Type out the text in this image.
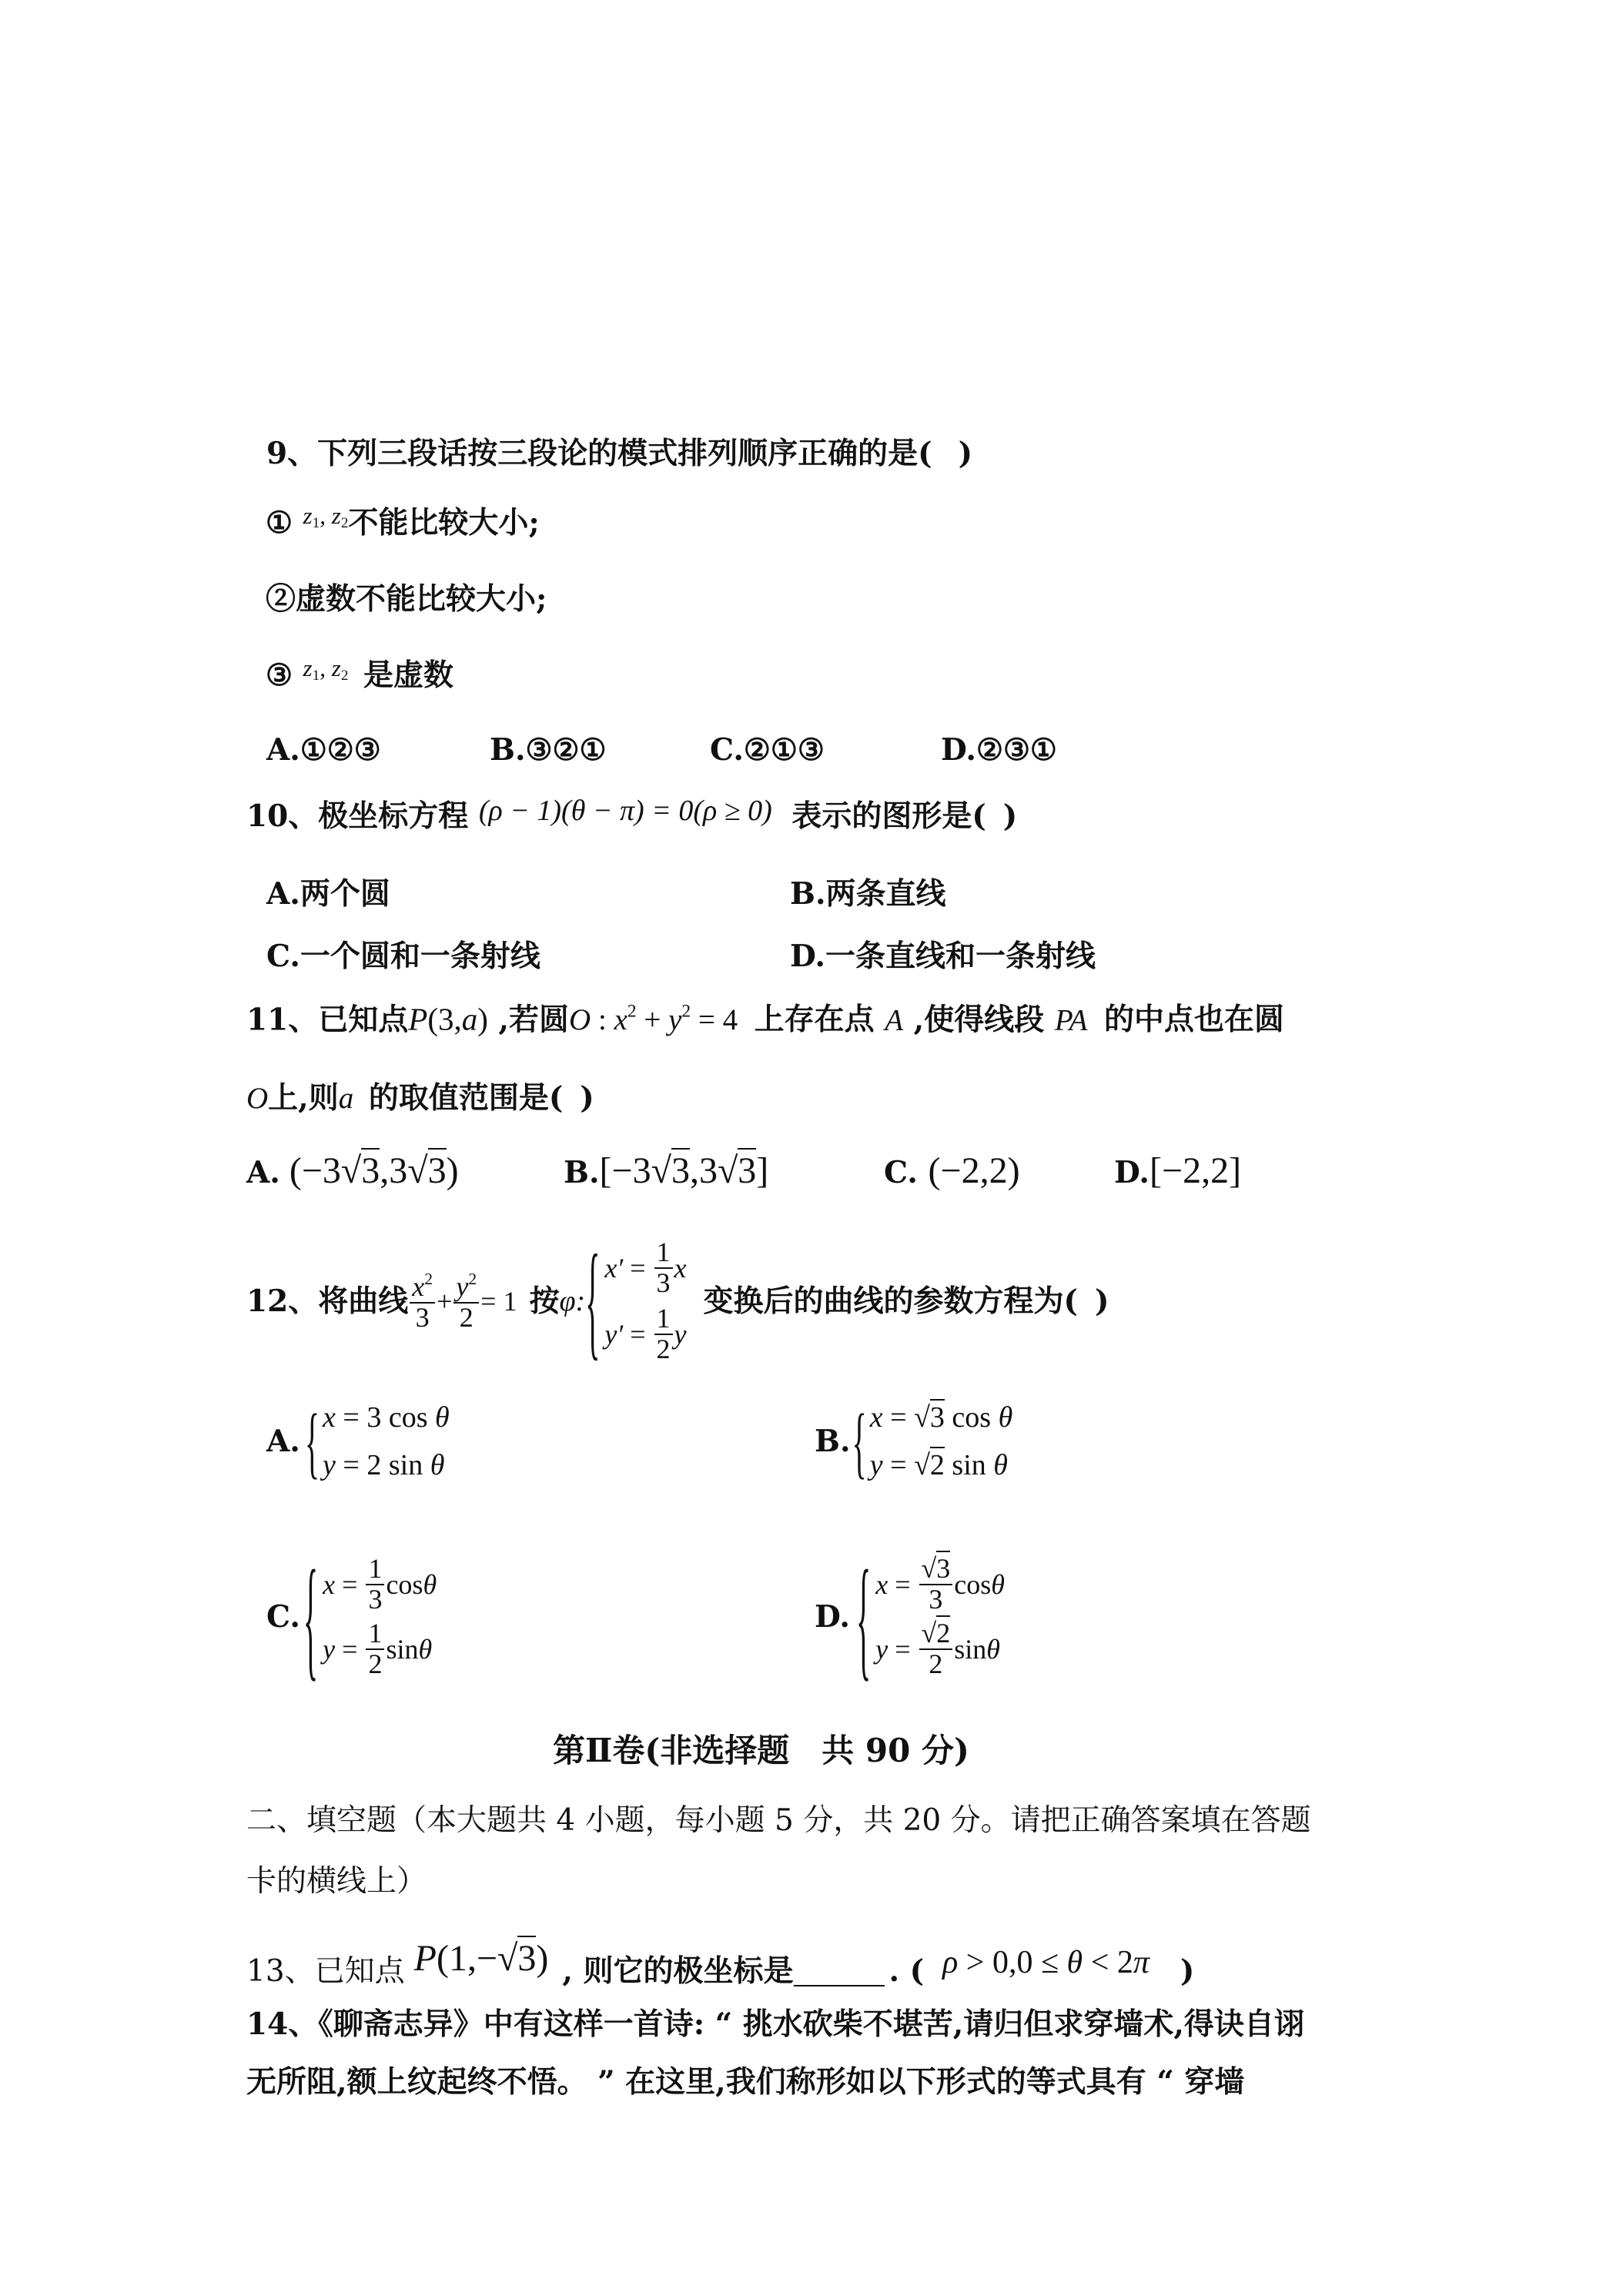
9、下列三段话按三段论的模式排列顺序正确的是( )
① $^{z_1, z_2}$不能比较大小;
②虚数不能比较大小;
③ $^{z_1, z_2}$ 是虚数
A.①②③	B.③②①	C.②①③	D.②③①
10、极坐标方程 (ρ − 1)(θ − π) = 0(ρ ≥ 0) 表示的图形是( )
A.两个圆	B.两条直线
C.一个圆和一条射线	D.一条直线和一条射线
11、已知点P(3,a) ,若圆O : $x^2 + y^2 = 4$ 上存在点 A ,使得线段 PA 的中点也在圆
O上,则a 的取值范围是( )
A. (−3√3,3√3)	B.[−3√3,3√3]	C. (−2,2)	D.[−2,2]
12、将曲线 $\frac{x^2}{3} + \frac{y^2}{2} = 1$ 按 φ: { $x' = \frac{1}{3}$ x
$y' = \frac{1}{2}$ y
变换后的曲线的参数方程为( )
A. { x = 3 cos θ
y = 2 sin θ
B. { x = √3 cos θ
y = √2 sin θ
C. { $x = \frac{1}{3}$ cos θ
$y = \frac{1}{2}$ sin θ
D. { $x = \frac{√3}{3}$ cos θ
$y = \frac{√2}{2}$ sin θ
第Ⅱ卷(非选择题　共 90 分)
二、填空题（本大题共 4 小题，每小题 5 分，共 20 分。请把正确答案填在答题
卡的横线上）
13、已知点 P(1,−√3) , 则它的极坐标是	. ( ρ > 0,0 ≤ θ < 2π	)
14、《聊斋志异》中有这样一首诗: “ 挑水砍柴不堪苦,请归但求穿墙术,得诀自诩
无所阻,额上纹起终不悟。 ” 在这里,我们称形如以下形式的等式具有 “ 穿墙
